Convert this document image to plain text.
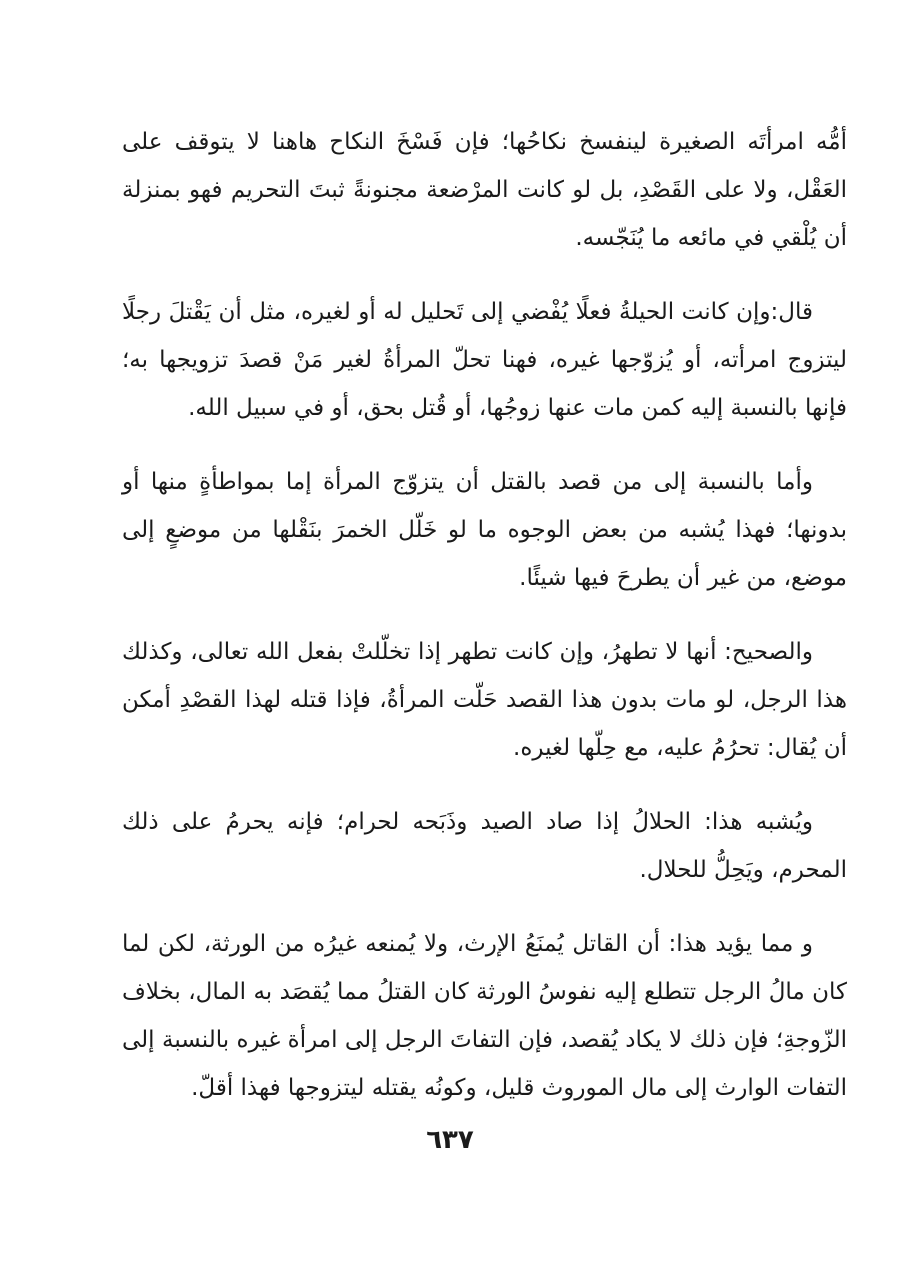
أمُّه امرأتَه الصغيرة لينفسخ نكاحُها؛ فإن فَسْخَ النكاح هاهنا لا يتوقف على العَقْل، ولا على القَصْدِ، بل لو كانت المرْضعة مجنونةً ثبتَ التحريم فهو بمنزلة أن يُلْقي في مائعه ما يُنَجّسه.

قال:وإن كانت الحيلةُ فعلًا يُفْضي إلى تَحليل له أو لغيره، مثل أن يَقْتلَ رجلًا ليتزوج امرأته، أو يُزوّجها غيره، فهنا تحلّ المرأةُ لغير مَنْ قصدَ تزويجها به؛ فإنها بالنسبة إليه كمن مات عنها زوجُها، أو قُتل بحق، أو في سبيل الله.

وأما بالنسبة إلى من قصد بالقتل أن يتزوّج المرأة إما بمواطأةٍ منها أو بدونها؛ فهذا يُشبه من بعض الوجوه ما لو خَلّل الخمرَ بنَقْلها من موضعٍ إلى موضع، من غير أن يطرحَ فيها شيئًا.

والصحيح: أنها لا تطهرُ، وإن كانت تطهر إذا تخلّلتْ بفعل الله تعالى، وكذلك هذا الرجل، لو مات بدون هذا القصد حَلّت المرأةُ، فإذا قتله لهذا القصْدِ أمكن أن يُقال: تحرُمُ عليه، مع حِلّها لغيره.

ويُشبه هذا: الحلالُ إذا صاد الصيد وذَبَحه لحرام؛ فإنه يحرمُ على ذلك المحرم، ويَحِلُّ للحلال.

و مما يؤيد هذا: أن القاتل يُمنَعُ الإرث، ولا يُمنعه غيرُه من الورثة، لكن لما كان مالُ الرجل تتطلع إليه نفوسُ الورثة كان القتلُ مما يُقصَد به المال، بخلاف الزّوجةِ؛ فإن ذلك لا يكاد يُقصد، فإن التفاتَ الرجل إلى امرأة غيره بالنسبة إلى التفات الوارث إلى مال الموروث قليل، وكونُه يقتله ليتزوجها فهذا أقلّ.

٦٣٧
